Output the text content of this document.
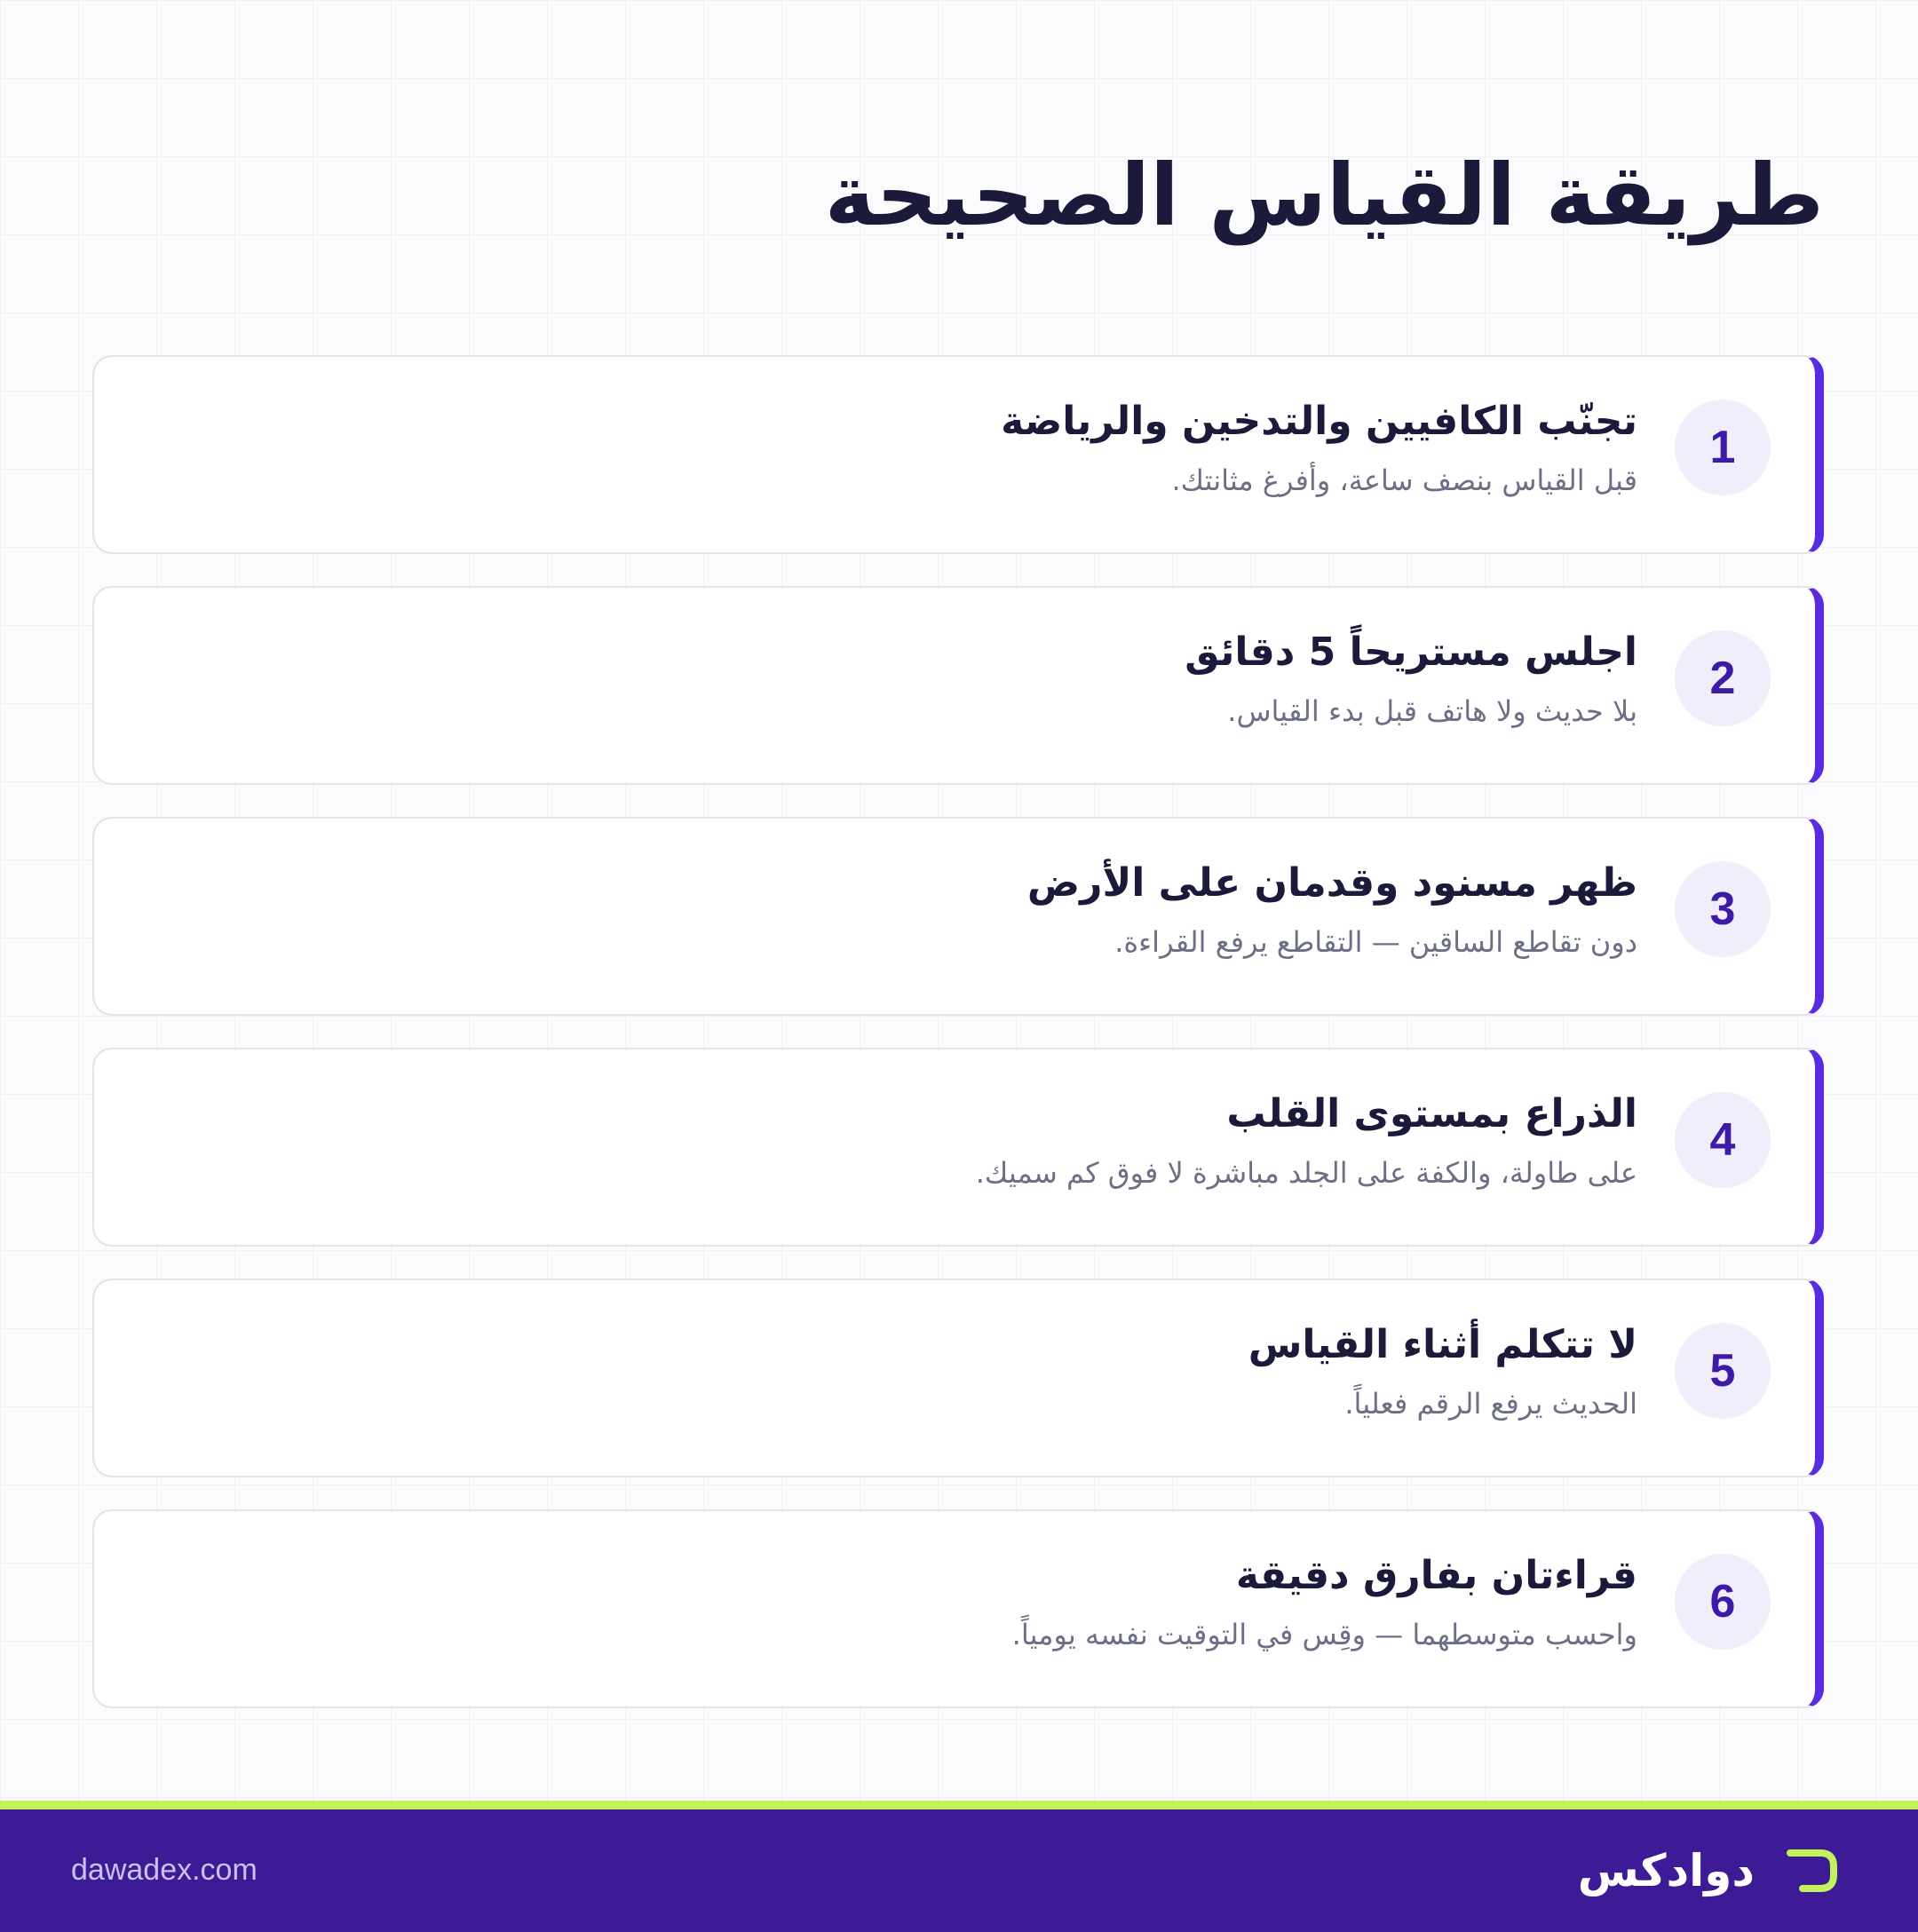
طريقة القياس الصحيحة
1
تجنّب الكافيين والتدخين والرياضة
قبل القياس بنصف ساعة، وأفرغ مثانتك.
2
اجلس مستريحاً 5 دقائق
بلا حديث ولا هاتف قبل بدء القياس.
3
ظهر مسنود وقدمان على الأرض
دون تقاطع الساقين — التقاطع يرفع القراءة.
4
الذراع بمستوى القلب
على طاولة، والكفة على الجلد مباشرة لا فوق كم سميك.
5
لا تتكلم أثناء القياس
الحديث يرفع الرقم فعلياً.
6
قراءتان بفارق دقيقة
واحسب متوسطهما — وقِس في التوقيت نفسه يومياً.
دوادكس
dawadex.com
